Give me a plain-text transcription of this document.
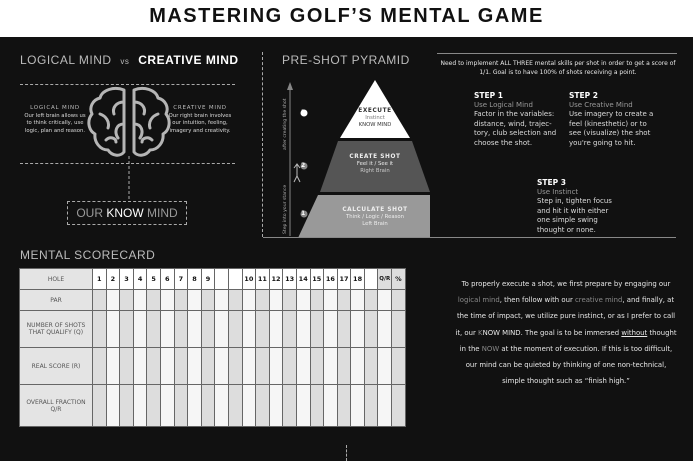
MASTERING GOLF’S MENTAL GAME
LOGICAL MIND vs CREATIVE MIND
LOGICAL MIND
Our left brain allows us to think critically, use logic, plan and reason.
CREATIVE MIND
Our right brain involves our intuition, feeling, imagery and creativity.
OUR KNOW MIND
PRE-SHOT PYRAMID
3
2
1
after creating the shot
Step into your stance
EXECUTE
Instinct
KNOW MIND
CREATE SHOT
Feel it / See it
Right Brain
CALCULATE SHOT
Think / Logic / Reason
Left Brain
Need to implement ALL THREE mental skills per shot in order to get a score of 1/1. Goal is to have 100% of shots receiving a point.
STEP 1
Use Logical Mind
Factor in the variables: distance, wind, trajec- tory, club selection and choose the shot.
STEP 2
Use Creative Mind
Use imagery to create a feel (kinesthetic) or to see (visualize) the shot you're going to hit.
STEP 3
Use Instinct
Step in, tighten focus and hit it with either one simple swing thought or none.
MENTAL SCORECARD
HOLE	1	2	3	4	5	6	7	8	9			10	11	12	13	14	15	16	17	18		Q/R	%
PAR																							
NUMBER OF SHOTS THAT QUALIFY (Q)																							
REAL SCORE (R)																							
OVERALL FRACTION Q/R																							
To properly execute a shot, we first prepare by engaging our logical mind, then follow with our creative mind, and finally, at the time of impact, we utilize pure instinct, or as I prefer to call it, our KNOW MIND. The goal is to be immersed without thought in the NOW at the moment of execution. If this is too difficult, our mind can be quieted by thinking of one non-technical, simple thought such as “finish high.”
